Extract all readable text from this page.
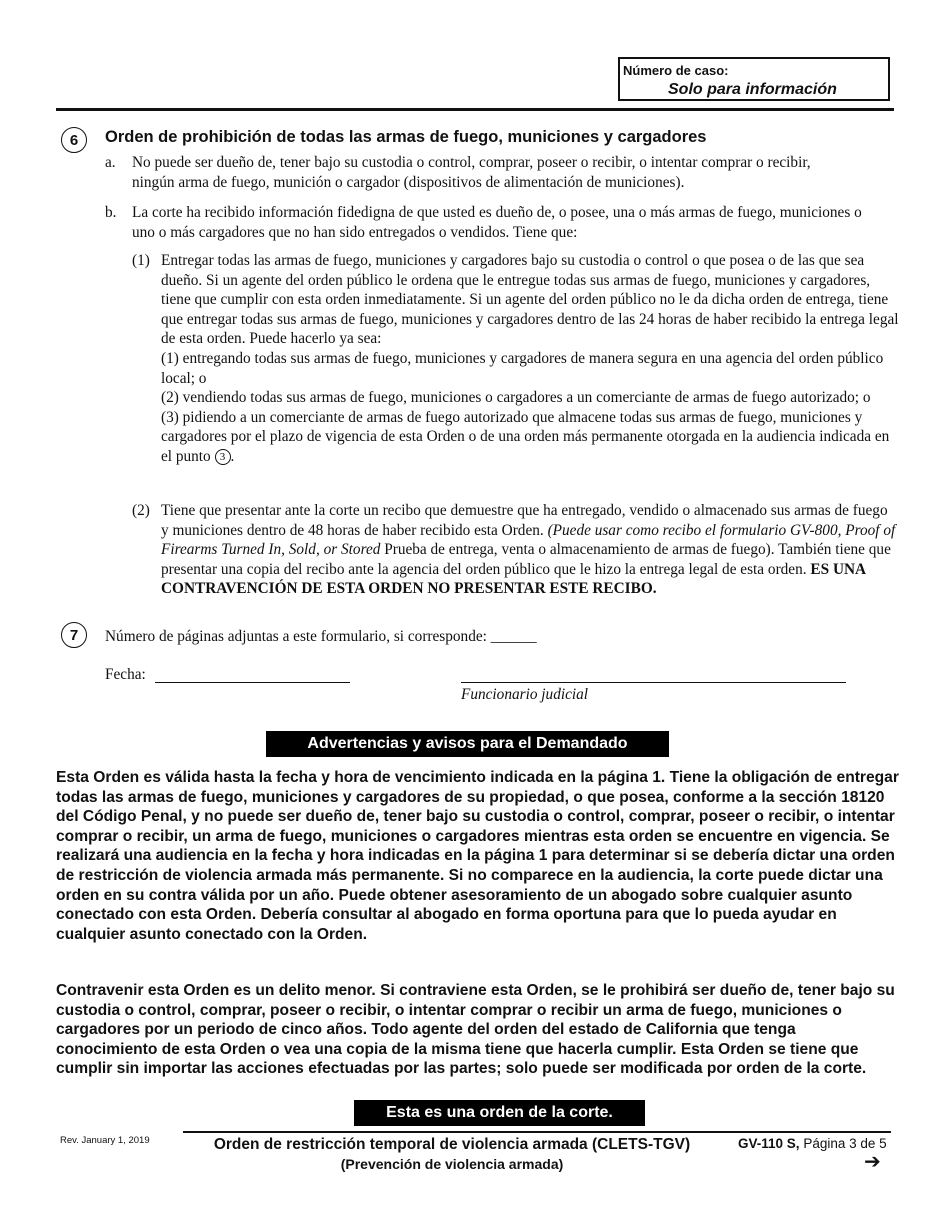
Número de caso:
Solo para información
6	Orden de prohibición de todas las armas de fuego, municiones y cargadores
a. No puede ser dueño de, tener bajo su custodia o control, comprar, poseer o recibir, o intentar comprar o recibir, ningún arma de fuego, munición o cargador (dispositivos de alimentación de municiones).
b. La corte ha recibido información fidedigna de que usted es dueño de, o posee, una o más armas de fuego, municiones o uno o más cargadores que no han sido entregados o vendidos. Tiene que:
(1) Entregar todas las armas de fuego, municiones y cargadores bajo su custodia o control o que posea o de las que sea dueño. Si un agente del orden público le ordena que le entregue todas sus armas de fuego, municiones y cargadores, tiene que cumplir con esta orden inmediatamente. Si un agente del orden público no le da dicha orden de entrega, tiene que entregar todas sus armas de fuego, municiones y cargadores dentro de las 24 horas de haber recibido la entrega legal de esta orden. Puede hacerlo ya sea:
(1) entregando todas sus armas de fuego, municiones y cargadores de manera segura en una agencia del orden público local; o
(2) vendiendo todas sus armas de fuego, municiones o cargadores a un comerciante de armas de fuego autorizado; o
(3) pidiendo a un comerciante de armas de fuego autorizado que almacene todas sus armas de fuego, municiones y cargadores por el plazo de vigencia de esta Orden o de una orden más permanente otorgada en la audiencia indicada en el punto 3 .
(2) Tiene que presentar ante la corte un recibo que demuestre que ha entregado, vendido o almacenado sus armas de fuego y municiones dentro de 48 horas de haber recibido esta Orden. (Puede usar como recibo el formulario GV-800, Proof of Firearms Turned In, Sold, or Stored Prueba de entrega, venta o almacenamiento de armas de fuego). También tiene que presentar una copia del recibo ante la agencia del orden público que le hizo la entrega legal de esta orden. ES UNA CONTRAVENCIÓN DE ESTA ORDEN NO PRESENTAR ESTE RECIBO.
7	Número de páginas adjuntas a este formulario, si corresponde: ______
Fecha:
Funcionario judicial
Advertencias y avisos para el Demandado
Esta Orden es válida hasta la fecha y hora de vencimiento indicada en la página 1. Tiene la obligación de entregar todas las armas de fuego, municiones y cargadores de su propiedad, o que posea, conforme a la sección 18120 del Código Penal, y no puede ser dueño de, tener bajo su custodia o control, comprar, poseer o recibir, o intentar comprar o recibir, un arma de fuego, municiones o cargadores mientras esta orden se encuentre en vigencia. Se realizará una audiencia en la fecha y hora indicadas en la página 1 para determinar si se debería dictar una orden de restricción de violencia armada más permanente. Si no comparece en la audiencia, la corte puede dictar una orden en su contra válida por un año. Puede obtener asesoramiento de un abogado sobre cualquier asunto conectado con esta Orden. Debería consultar al abogado en forma oportuna para que lo pueda ayudar en cualquier asunto conectado con la Orden.
Contravenir esta Orden es un delito menor. Si contraviene esta Orden, se le prohibirá ser dueño de, tener bajo su custodia o control, comprar, poseer o recibir, o intentar comprar o recibir un arma de fuego, municiones o cargadores por un periodo de cinco años. Todo agente del orden del estado de California que tenga conocimiento de esta Orden o vea una copia de la misma tiene que hacerla cumplir. Esta Orden se tiene que cumplir sin importar las acciones efectuadas por las partes; solo puede ser modificada por orden de la corte.
Esta es una orden de la corte.
Rev. January 1, 2019	Orden de restricción temporal de violencia armada (CLETS-TGV)
(Prevención de violencia armada)
GV-110 S, Página 3 de 5
➔
